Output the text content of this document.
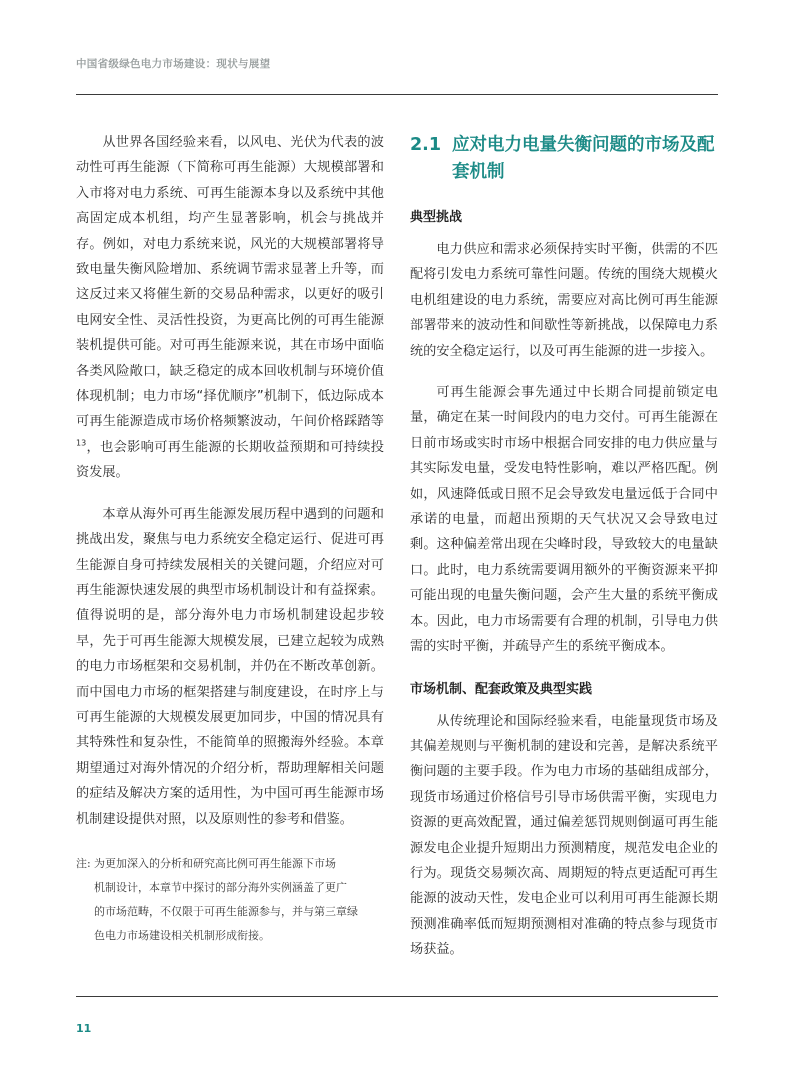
中国省级绿色电力市场建设：现状与展望

从世界各国经验来看，以风电、光伏为代表的波动性可再生能源（下简称可再生能源）大规模部署和入市将对电力系统、可再生能源本身以及系统中其他高固定成本机组，均产生显著影响，机会与挑战并存。例如，对电力系统来说，风光的大规模部署将导致电量失衡风险增加、系统调节需求显著上升等，而这反过来又将催生新的交易品种需求，以更好的吸引电网安全性、灵活性投资，为更高比例的可再生能源装机提供可能。对可再生能源来说，其在市场中面临各类风险敞口，缺乏稳定的成本回收机制与环境价值体现机制；电力市场“择优顺序”机制下，低边际成本可再生能源造成市场价格频繁波动，午间价格踩踏等$^{13}$，也会影响可再生能源的长期收益预期和可持续投资发展。

本章从海外可再生能源发展历程中遇到的问题和挑战出发，聚焦与电力系统安全稳定运行、促进可再生能源自身可持续发展相关的关键问题，介绍应对可再生能源快速发展的典型市场机制设计和有益探索。值得说明的是，部分海外电力市场机制建设起步较早，先于可再生能源大规模发展，已建立起较为成熟的电力市场框架和交易机制，并仍在不断改革创新。而中国电力市场的框架搭建与制度建设，在时序上与可再生能源的大规模发展更加同步，中国的情况具有其特殊性和复杂性，不能简单的照搬海外经验。本章期望通过对海外情况的介绍分析，帮助理解相关问题的症结及解决方案的适用性，为中国可再生能源市场机制建设提供对照，以及原则性的参考和借鉴。

注: 为更加深入的分析和研究高比例可再生能源下市场
机制设计，本章节中探讨的部分海外实例涵盖了更广
的市场范畴，不仅限于可再生能源参与，并与第三章绿
色电力市场建设相关机制形成衔接。
2.1 应对电力电量失衡问题的市场及配套机制
典型挑战

电力供应和需求必须保持实时平衡，供需的不匹配将引发电力系统可靠性问题。传统的围绕大规模火电机组建设的电力系统，需要应对高比例可再生能源部署带来的波动性和间歇性等新挑战，以保障电力系统的安全稳定运行，以及可再生能源的进一步接入。

可再生能源会事先通过中长期合同提前锁定电量，确定在某一时间段内的电力交付。可再生能源在日前市场或实时市场中根据合同安排的电力供应量与其实际发电量，受发电特性影响，难以严格匹配。例如，风速降低或日照不足会导致发电量远低于合同中承诺的电量，而超出预期的天气状况又会导致电过剩。这种偏差常出现在尖峰时段，导致较大的电量缺口。此时，电力系统需要调用额外的平衡资源来平抑可能出现的电量失衡问题，会产生大量的系统平衡成本。因此，电力市场需要有合理的机制，引导电力供需的实时平衡，并疏导产生的系统平衡成本。

市场机制、配套政策及典型实践

从传统理论和国际经验来看，电能量现货市场及其偏差规则与平衡机制的建设和完善，是解决系统平衡问题的主要手段。作为电力市场的基础组成部分，现货市场通过价格信号引导市场供需平衡，实现电力资源的更高效配置，通过偏差惩罚规则倒逼可再生能源发电企业提升短期出力预测精度，规范发电企业的行为。现货交易频次高、周期短的特点更适配可再生能源的波动天性，发电企业可以利用可再生能源长期预测准确率低而短期预测相对准确的特点参与现货市场获益。

11
